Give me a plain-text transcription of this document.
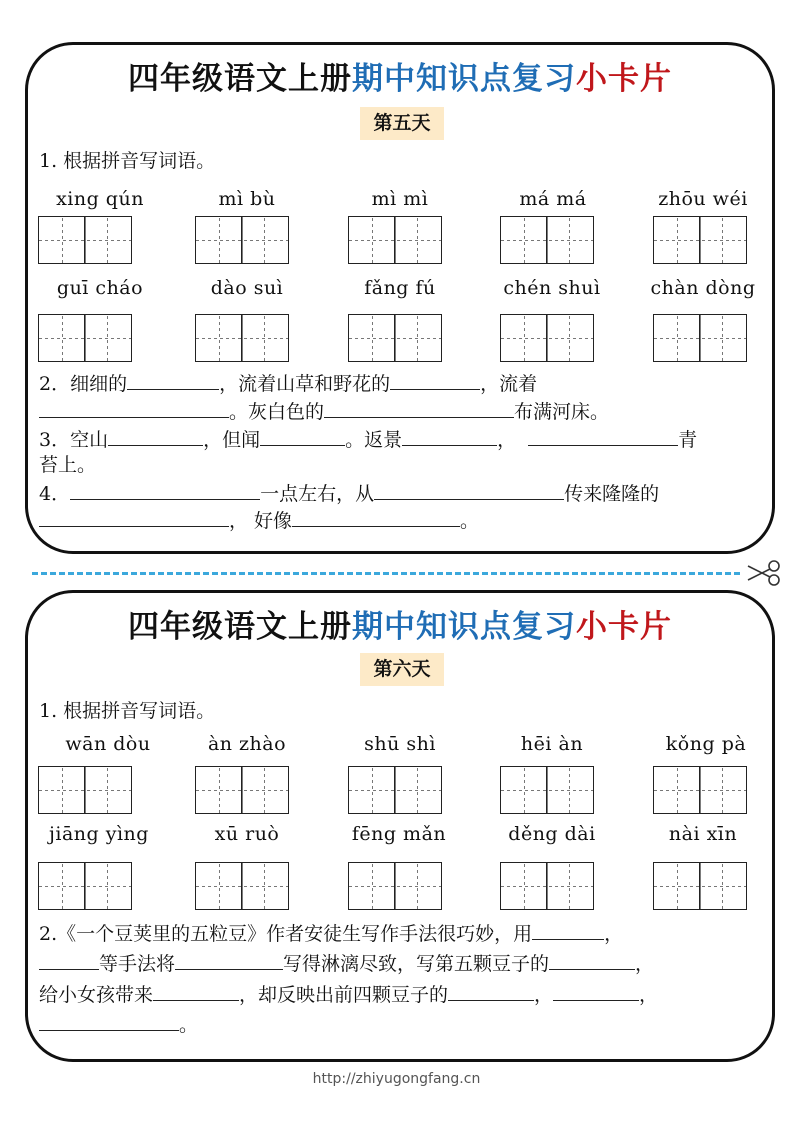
四年级语文上册期中知识点复习小卡片
第五天
1. 根据拼音写词语。
xing qún	mì bù	mì mì	má má	zhōu wéi
guī cháo	dào suì	fǎng fú	chén shuì	chàn dòng
2．细细的	，流着山草和野花的	，流着
。灰白色的	布满河床。
3．空山	，但闻	。返景	，	青
苔上。
4．	一点左右，从	传来隆隆的
， 好像	。
四年级语文上册期中知识点复习小卡片
第六天
1. 根据拼音写词语。
wān dòu	àn zhào	shū shì	hēi àn	kǒng pà
jiāng yìng	xū ruò	fēng mǎn	děng dài	nài xīn
2.《一个豆荚里的五粒豆》作者安徒生写作手法很巧妙，用	，
等手法将	写得淋漓尽致，写第五颗豆子的	，
给小女孩带来	，却反映出前四颗豆子的	，	，
。
http://zhiyugongfang.cn
